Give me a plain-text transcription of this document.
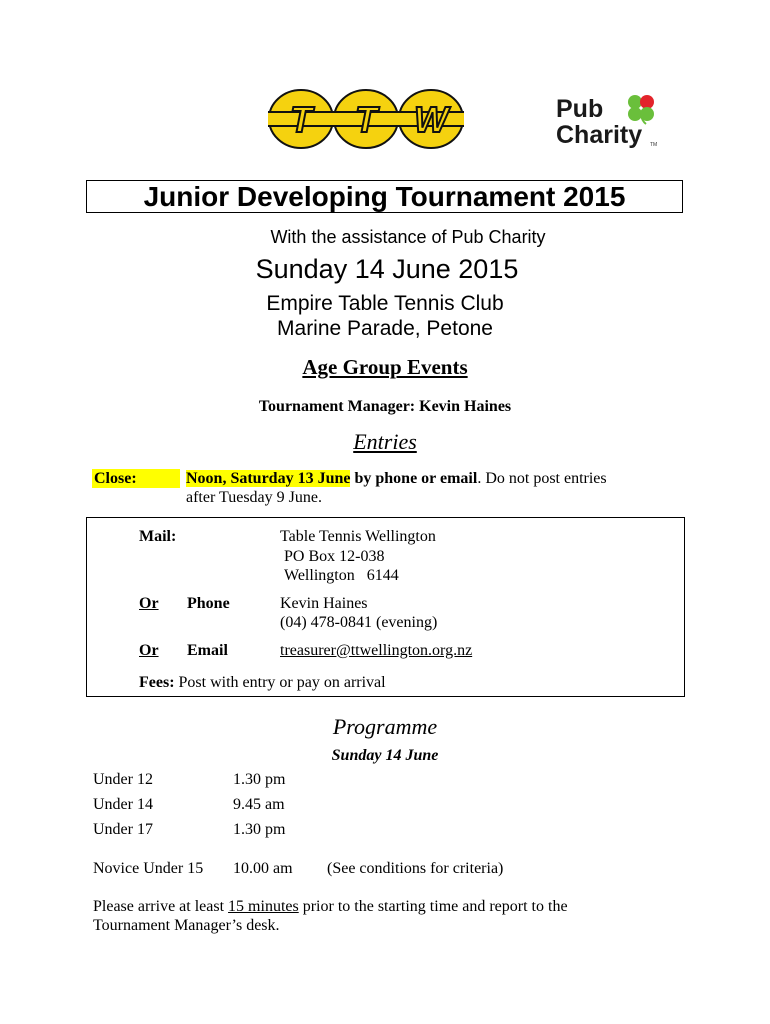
T T W	Pub
Charity TM
Junior Developing Tournament 2015
With the assistance of Pub Charity
Sunday 14 June 2015
Empire Table Tennis Club
Marine Parade, Petone
Age Group Events
Tournament Manager: Kevin Haines
Entries
Close:	Noon, Saturday 13 June by phone or email. Do not post entries
after Tuesday 9 June.
Mail:	Table Tennis Wellington
PO Box 12-038
Wellington   6144
Or Phone	Kevin Haines
(04) 478-0841 (evening)
Or Email	treasurer@ttwellington.org.nz
Fees: Post with entry or pay on arrival
Programme
Sunday 14 June
Under 12	1.30 pm
Under 14	9.45 am
Under 17	1.30 pm
Novice Under 15 10.00 am (See conditions for criteria)
Please arrive at least 15 minutes prior to the starting time and report to the
Tournament Manager’s desk.
